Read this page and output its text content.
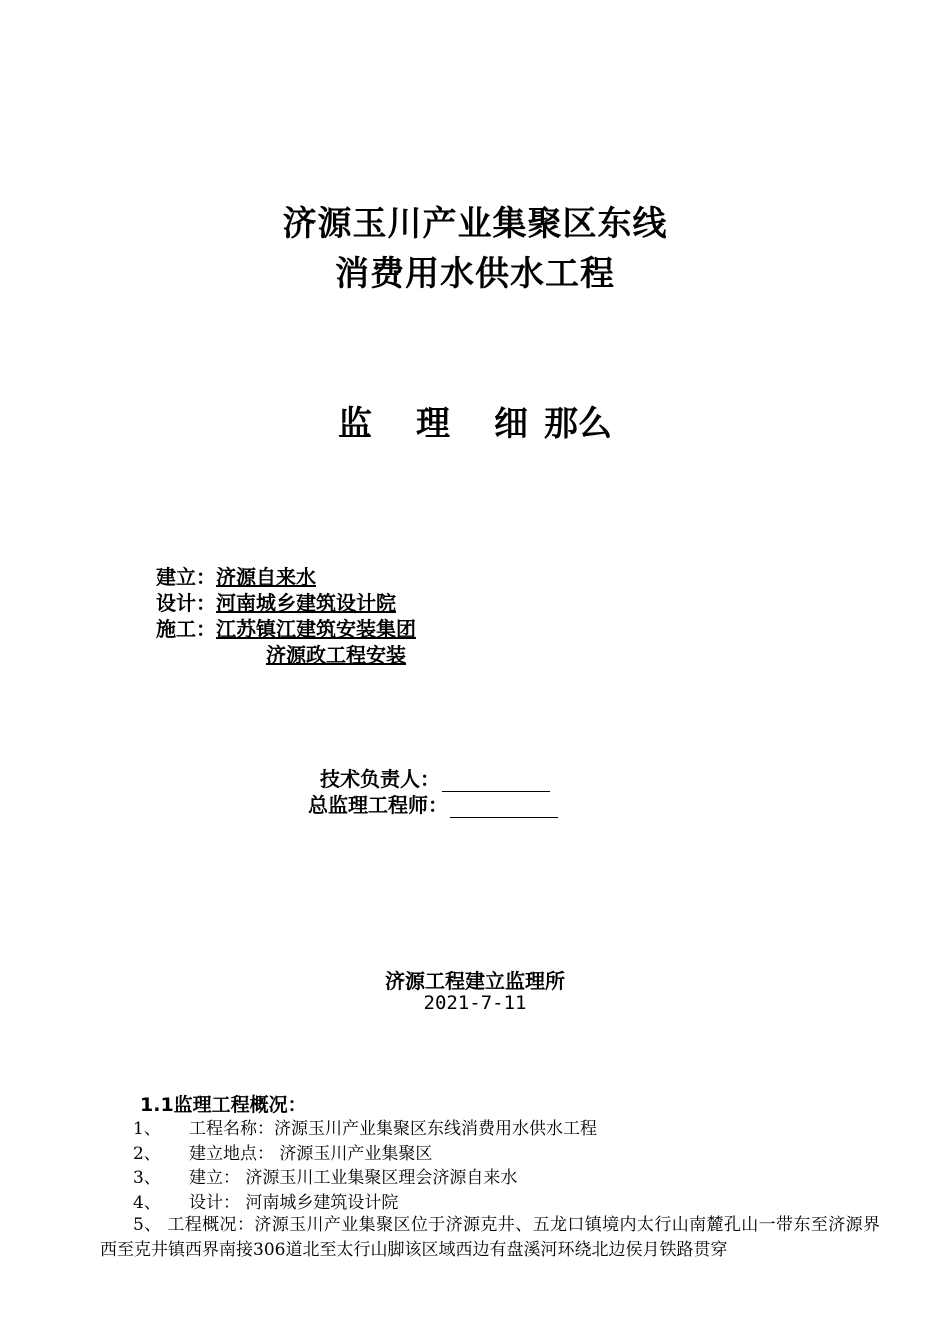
济源玉川产业集聚区东线
消费用水供水工程
监 理 细 那么
建立：济源自来水
设计：河南城乡建筑设计院
施工：江苏镇江建筑安装集团
济源政工程安装
技术负责人：
总监理工程师：
济源工程建立监理所
2021-7-11
1.1监理工程概况：
1、 工程名称：济源玉川产业集聚区东线消费用水供水工程
2、 建立地点： 济源玉川产业集聚区
3、 建立： 济源玉川工业集聚区理会济源自来水
4、 设计： 河南城乡建筑设计院
5、 工程概况：济源玉川产业集聚区位于济源克井、五龙口镇境内太行山南麓孔山一带东至济源界西至克井镇西界南接306道北至太行山脚该区域西边有盘溪河环绕北边侯月铁路贯穿
